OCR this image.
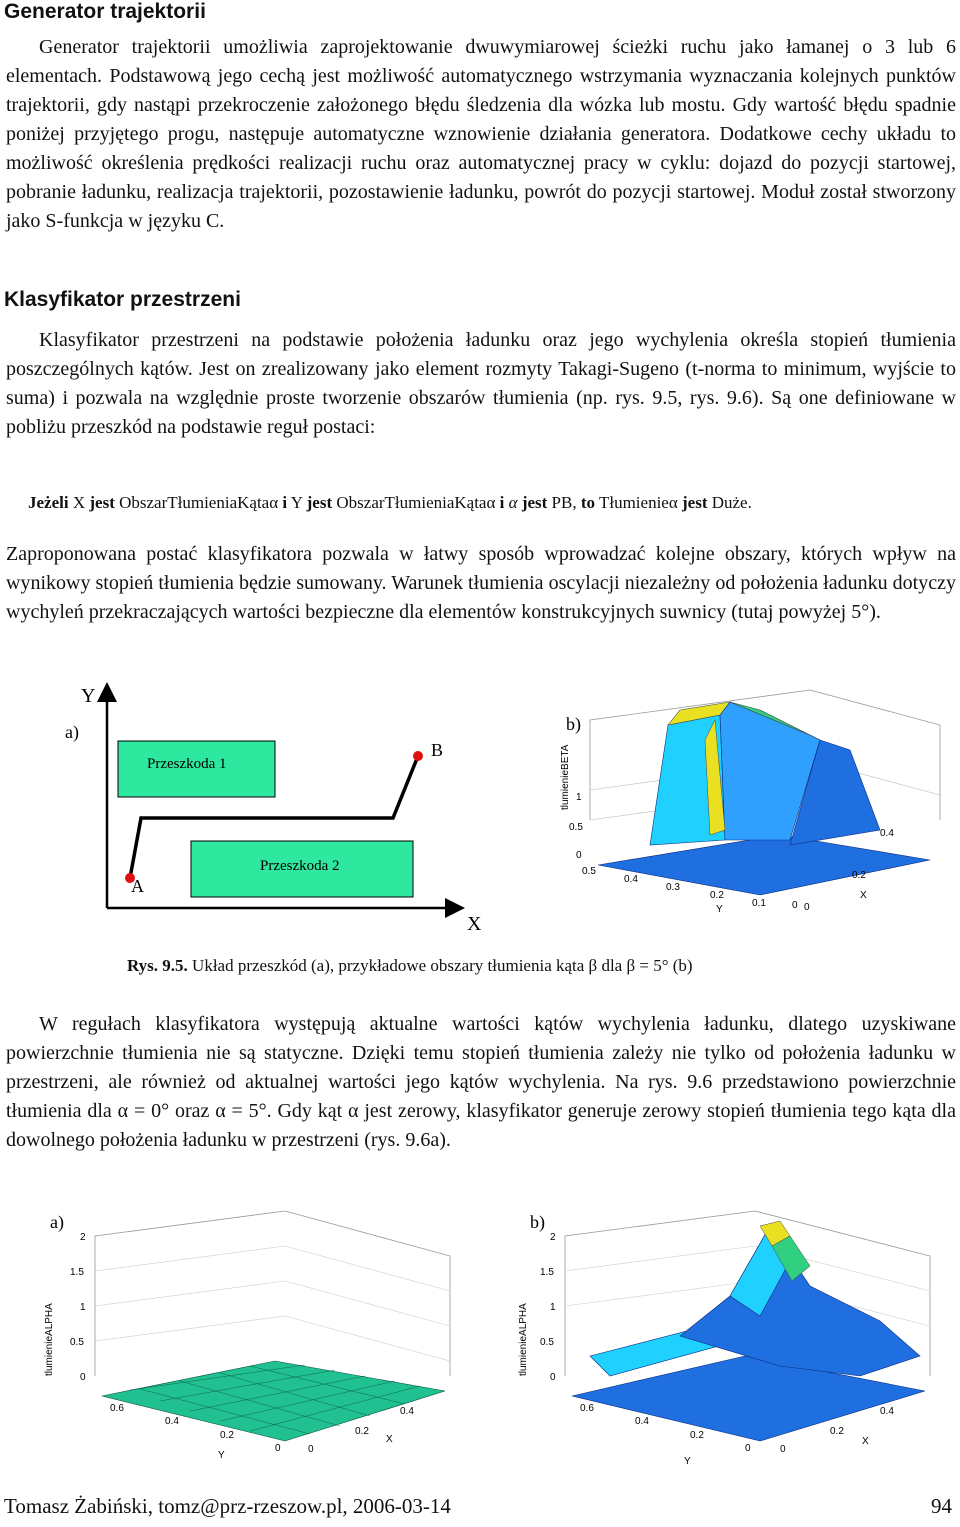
Generator trajektorii

Generator trajektorii umożliwia zaprojektowanie dwuwymiarowej ścieżki ruchu jako łamanej o 3 lub 6 elementach. Podstawową jego cechą jest możliwość automatycznego wstrzymania wyznaczania kolejnych punktów trajektorii, gdy nastąpi przekroczenie założonego błędu śledzenia dla wózka lub mostu. Gdy wartość błędu spadnie poniżej przyjętego progu, następuje automatyczne wznowienie działania generatora. Dodatkowe cechy układu to możliwość określenia prędkości realizacji ruchu oraz automatycznej pracy w cyklu: dojazd do pozycji startowej, pobranie ładunku, realizacja trajektorii, pozostawienie ładunku, powrót do pozycji startowej. Moduł został stworzony jako S-funkcja w języku C.

Klasyfikator przestrzeni

Klasyfikator przestrzeni na podstawie położenia ładunku oraz jego wychylenia określa stopień tłumienia poszczególnych kątów. Jest on zrealizowany jako element rozmyty Takagi-Sugeno (t-norma to minimum, wyjście to suma) i pozwala na względnie proste tworzenie obszarów tłumienia (np. rys. 9.5, rys. 9.6). Są one definiowane w pobliżu przeszkód na podstawie reguł postaci:

Jeżeli X jest ObszarTłumieniaKątaα i Y jest ObszarTłumieniaKątaα i α jest PB, to Tłumienieα jest Duże.

Zaproponowana postać klasyfikatora pozwala w łatwy sposób wprowadzać kolejne obszary, których wpływ na wynikowy stopień tłumienia będzie sumowany. Warunek tłumienia oscylacji niezależny od położenia ładunku dotyczy wychyleń przekraczających wartości bezpieczne dla elementów konstrukcyjnych suwnicy (tutaj powyżej 5°).

a)
Y
X
Przeszkoda 1
Przeszkoda 2
A
B
b)
tlumienieBETA 1
0.5
0
0.5
0.4
0.3
0.2
0.1	0
Y	0
0.2
0.4
X
Rys. 9.5. Układ przeszkód (a), przykładowe obszary tłumienia kąta β dla β = 5° (b)

W regułach klasyfikatora występują aktualne wartości kątów wychylenia ładunku, dlatego uzyskiwane powierzchnie tłumienia nie są statyczne. Dzięki temu stopień tłumienia zależy nie tylko od położenia ładunku w przestrzeni, ale również od aktualnej wartości jego kątów wychylenia. Na rys. 9.6 przedstawiono powierzchnie tłumienia dla α = 0° oraz α = 5°. Gdy kąt α jest zerowy, klasyfikator generuje zerowy stopień tłumienia tego kąta dla dowolnego położenia ładunku w przestrzeni (rys. 9.6a).

a)
tlumienieALPHA
2
1.5
1
0.5
0
0.6
0.4
0.2
0
Y
0
0.2
0.4
X
b)
tlumienieALPHA
2
1.5
1
0.5
0
0.6
0.4
0.2
0
Y
0
0.2
0.4
X
Tomasz Żabiński, tomz@prz-rzeszow.pl, 2006-03-14	94
